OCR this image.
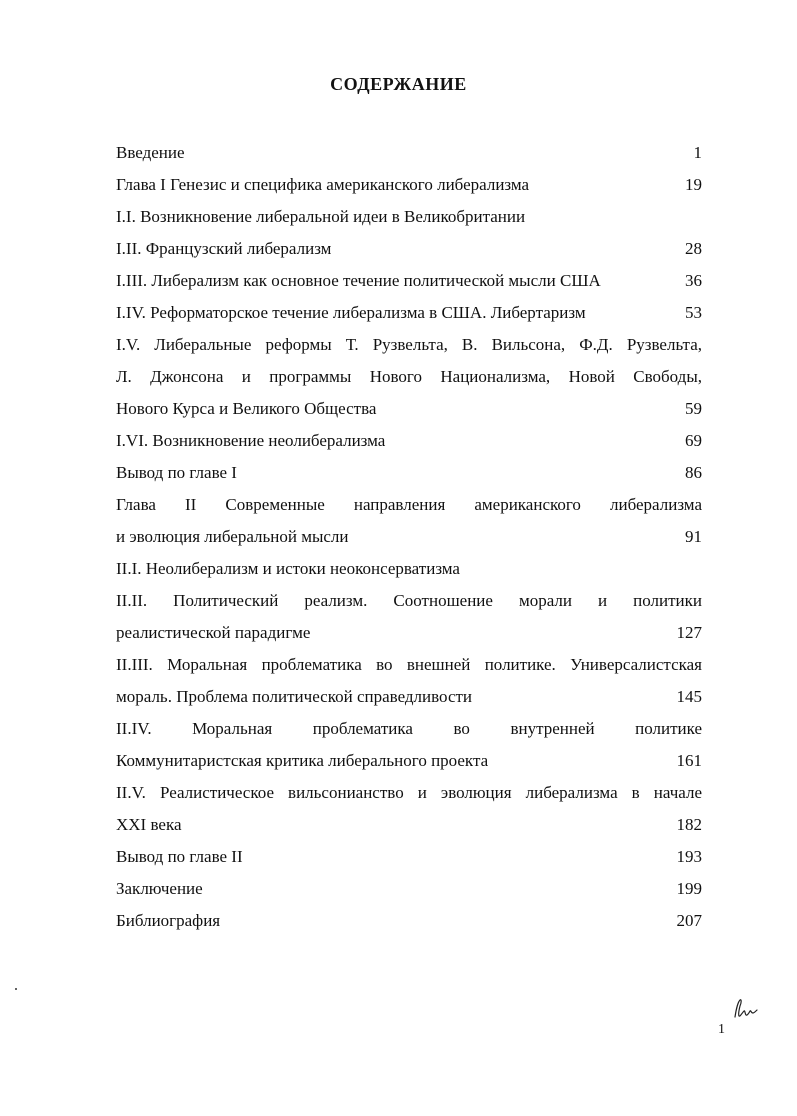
СОДЕРЖАНИЕ
Введение	1
Глава I Генезис и специфика американского либерализма	19
I.I. Возникновение либеральной идеи в Великобритании
I.II. Французский либерализм	28
I.III. Либерализм как основное течение политической мысли США	36
I.IV. Реформаторское течение либерализма в США. Либертаризм	53
I.V. Либеральные реформы Т. Рузвельта, В. Вильсона, Ф.Д. Рузвельта,
Л. Джонсона и программы Нового Национализма, Новой Свободы,
Нового Курса и Великого Общества	59
I.VI. Возникновение неолиберализма	69
Вывод по главе I	86
Глава II Современные направления американского либерализма
и эволюция либеральной мысли	91
II.I. Неолиберализм и истоки неоконсерватизма
II.II. Политический реализм. Соотношение морали и политики
реалистической парадигме	127
II.III. Моральная проблематика во внешней политике. Универсалистская
мораль. Проблема политической справедливости	145
II.IV. Моральная проблематика во внутренней политике
Коммунитаристская критика либерального проекта	161
II.V. Реалистическое вильсонианство и эволюция либерализма в начале
XXI века	182
Вывод по главе II	193
Заключение	199
Библиография	207
1
